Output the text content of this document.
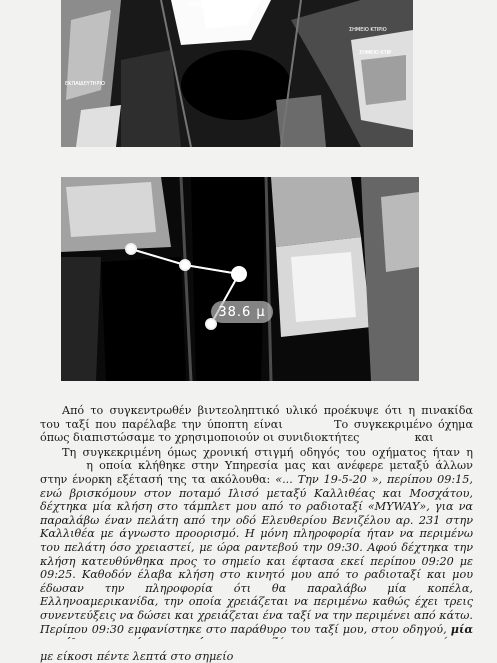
EMMEIO ΚΙΤΡΙ
ΣΗΜΕΙΟ ΚΤΙΡΙΟ
ΣΗΜΕΙΟ ΚΤΙΡ
ΕΚΠΑΙΔΕΥΤΗΡΙΟ
38.6 μ

Από το συγκεντρωθέν βιντεοληπτικό υλικό προέκυψε ότι η πινακίδα του ταξί που παρέλαβε την ύποπτη είναι	Το συγκεκριμένο όχημα όπως διαπιστώσαμε το χρησιμοποιούν οι συνιδιοκτήτες	και

Τη συγκεκριμένη όμως χρονική στιγμή οδηγός του οχήματος ήταν η  η οποία κλήθηκε στην Υπηρεσία μας και ανέφερε μεταξύ άλλων στην ένορκη εξέτασή της τα ακόλουθα: «... Την 19-5-20 », περίπου 09:15, ενώ βρισκόμουν στον ποταμό Ιλισό μεταξύ Καλλιθέας και Μοσχάτου, δέχτηκα μία κλήση στο τάμπλετ μου από το ραδιοταξί «MYWAY», για να παραλάβω έναν πελάτη από την οδό Ελευθερίου Βενιζέλου αρ. 231 στην Καλλιθέα με άγνωστο προορισμό. Η μόνη πληροφορία ήταν να περιμένω του πελάτη όσο χρειαστεί, με ώρα ραντεβού την 09:30. Αφού δέχτηκα την κλήση κατευθύνθηκα προς το σημείο και έφτασα εκεί περίπου 09:20 με 09:25. Καθοδόν έλαβα κλήση στο κινητό μου από το ραδιοταξί και μου έδωσαν την πληροφορία ότι θα παραλάβω μία κοπέλα, Ελληνοαμερικανίδα, την οποία χρειάζεται να περιμένω καθώς έχει τρεις συνεντεύξεις να δώσει και χρειάζεται ένα ταξί να την περιμένει από κάτω. Περίπου 09:30 εμφανίστηκε στο παράθυρο του ταξί μου, στου οδηγού, μία με είκοσι πέντε λεπτά στο σημείο
